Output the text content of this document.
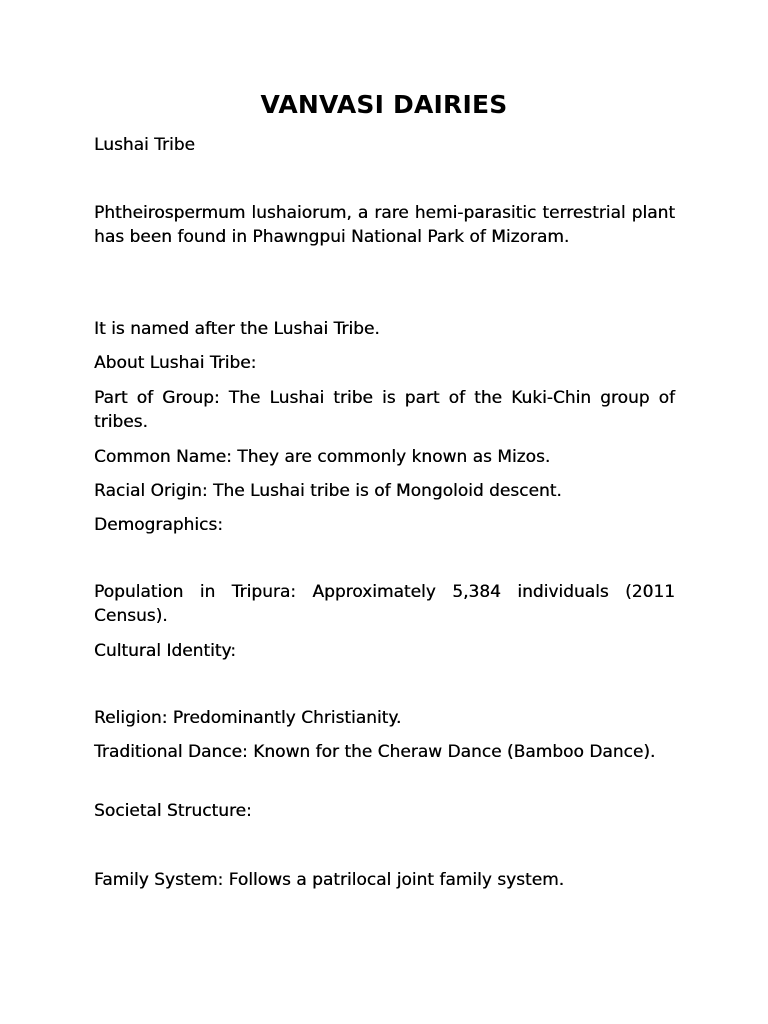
VANVASI DAIRIES

Lushai Tribe

Phtheirospermum lushaiorum, a rare hemi-parasitic terrestrial plant has been found in Phawngpui National Park of Mizoram.

It is named after the Lushai Tribe.

About Lushai Tribe:

Part of Group: The Lushai tribe is part of the Kuki-Chin group of tribes.

Common Name: They are commonly known as Mizos.

Racial Origin: The Lushai tribe is of Mongoloid descent.

Demographics:

Population in Tripura: Approximately 5,384 individuals (2011 Census).

Cultural Identity:

Religion: Predominantly Christianity.

Traditional Dance: Known for the Cheraw Dance (Bamboo Dance).

Societal Structure:

Family System: Follows a patrilocal joint family system.
